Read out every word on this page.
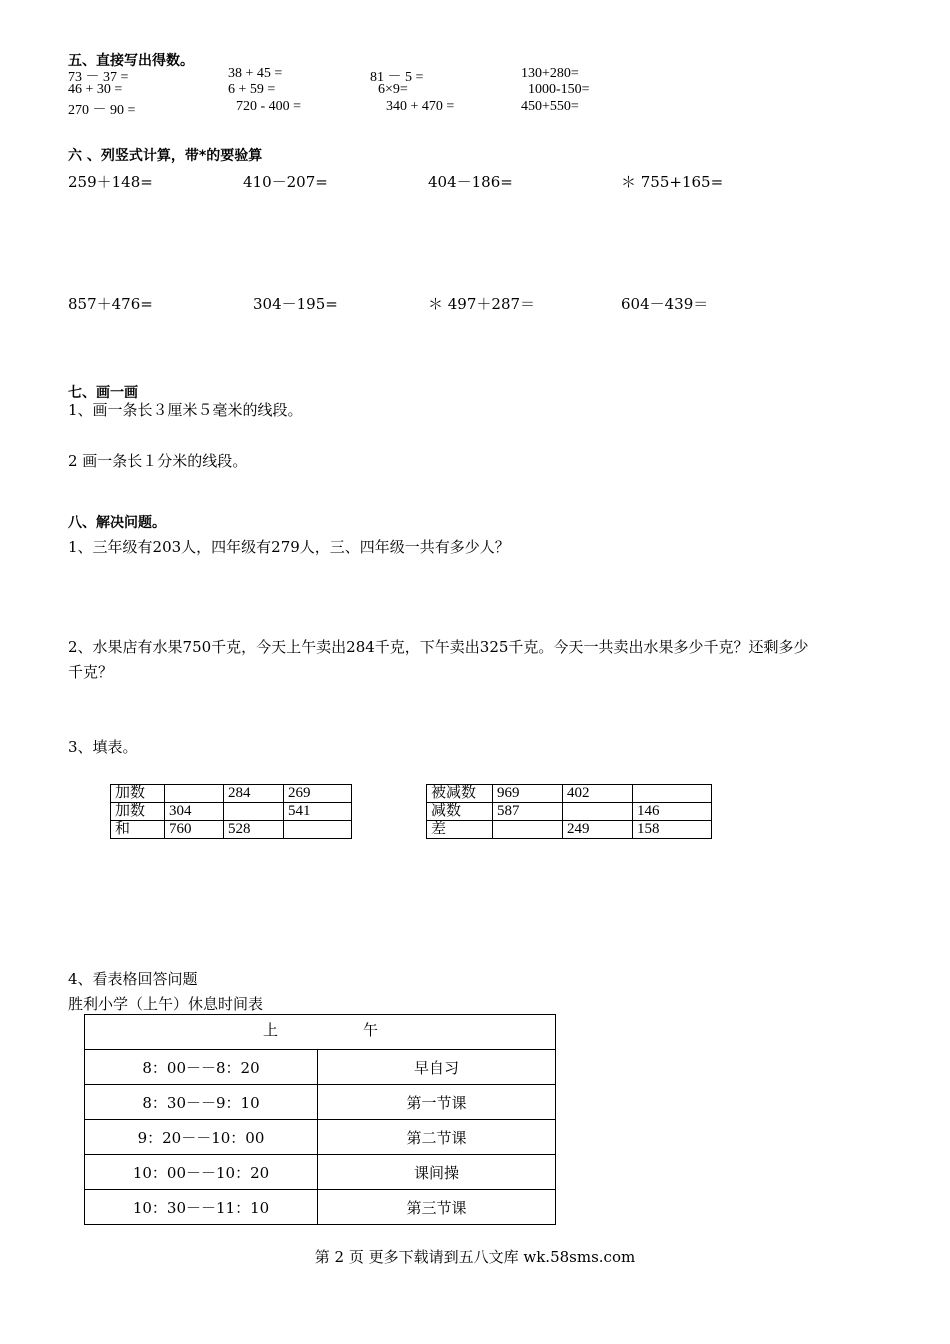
五、直接写出得数。
73 － 37 =	38 + 45 =	81 － 5 =	130+280=
46 + 30 =	6 + 59 =	6×9=	1000-150=
270 － 90 =	720 - 400 =	340 + 470 =	450+550=
六 、列竖式计算，带*的要验算
259＋148=	410－207=	404－186=	＊ 755+165=
857＋476=	304－195=	＊ 497＋287＝	604－439＝
七、画一画
1、画一条长３厘米５毫米的线段。
2 画一条长１分米的线段。
八、解决问题。
1、三年级有203人，四年级有279人，三、四年级一共有多少人？
2、水果店有水果750千克，今天上午卖出284千克，下午卖出325千克。今天一共卖出水果多少千克？还剩多少
千克？
3、填表。
加数		284	269
加数	304		541
和	760	528	
被减数	969	402	
减数	587		146
差		249	158
4、看表格回答问题
胜利小学（上午）休息时间表
上 午	

8：00－－8：20	早自习
8：30－－9：10	第一节课
9：20－－10：00	第二节课
10：00－－10：20	课间操
10：30－－11：10	第三节课
第 2 页 更多下载请到五八文库 wk.58sms.com
